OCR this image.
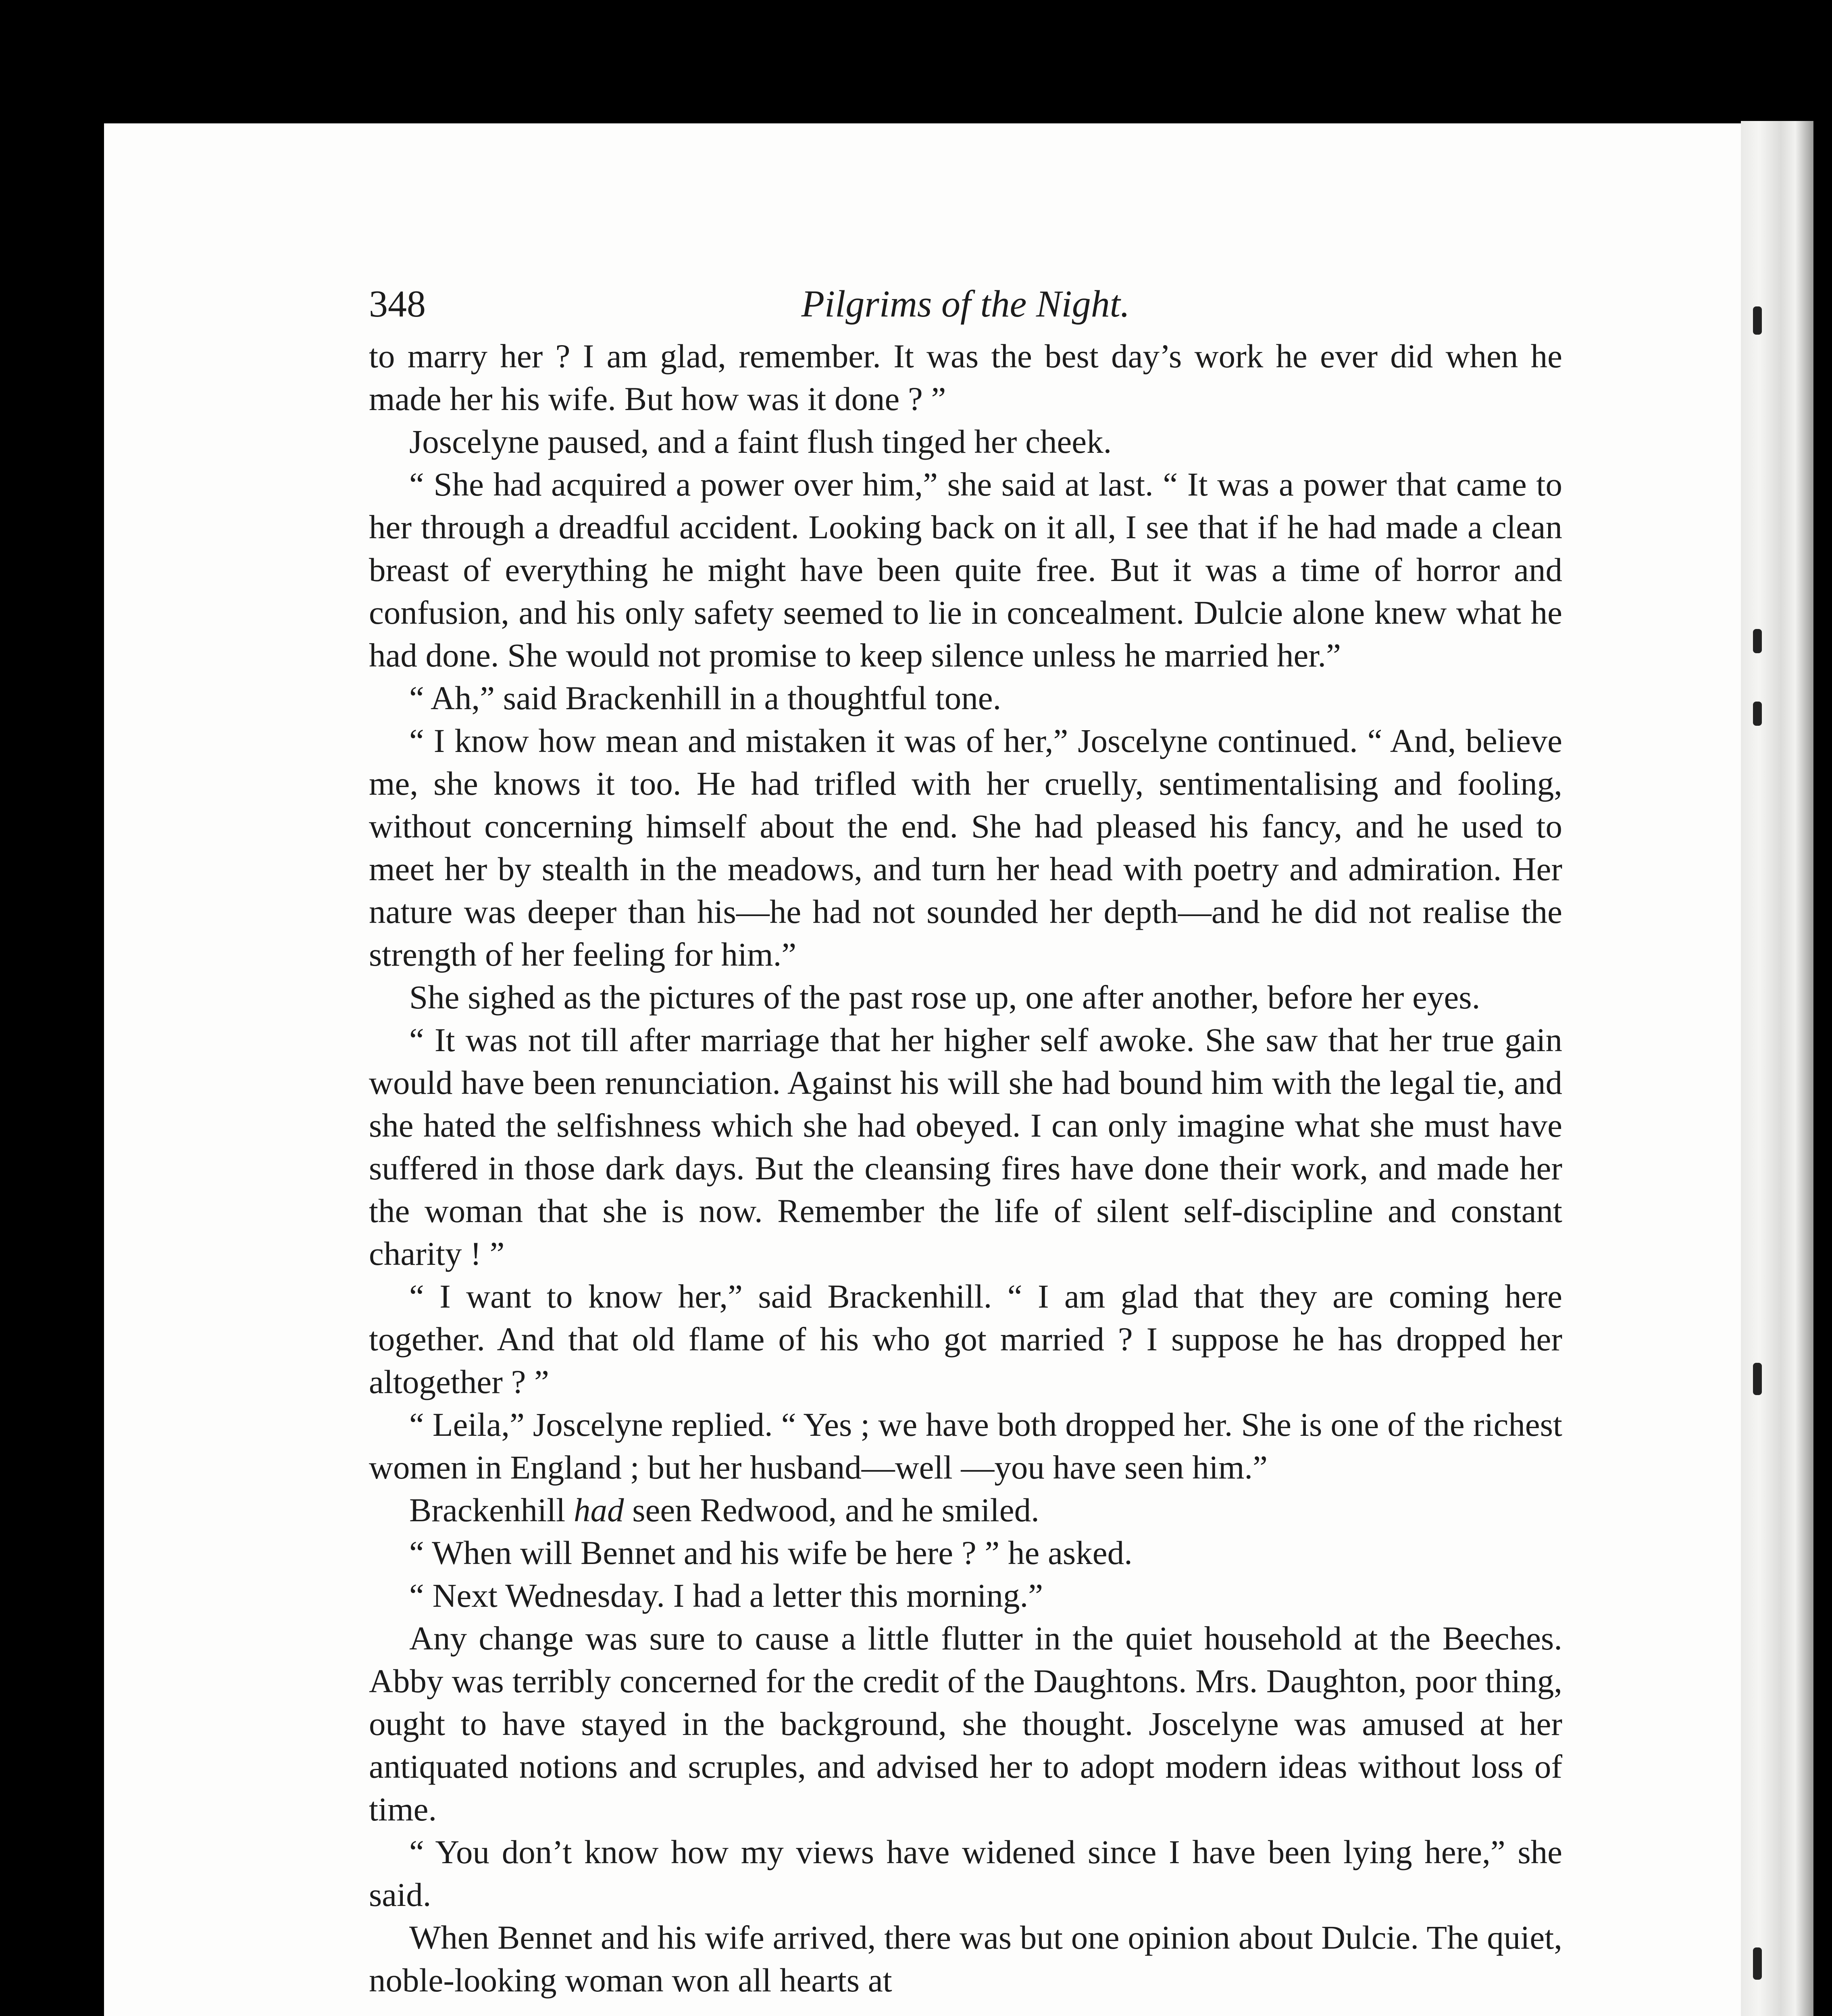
348	Pilgrims of the Night.

to marry her ? I am glad, remember. It was the best day’s work he ever did when he made her his wife. But how was it done ? ”

Joscelyne paused, and a faint flush tinged her cheek.

“ She had acquired a power over him,” she said at last. “ It was a power that came to her through a dreadful accident. Looking back on it all, I see that if he had made a clean breast of everything he might have been quite free. But it was a time of horror and confusion, and his only safety seemed to lie in concealment. Dulcie alone knew what he had done. She would not promise to keep silence unless he married her.”

“ Ah,” said Brackenhill in a thoughtful tone.

“ I know how mean and mistaken it was of her,” Joscelyne continued. “ And, believe me, she knows it too. He had trifled with her cruelly, sentimentalising and fooling, without concerning himself about the end. She had pleased his fancy, and he used to meet her by stealth in the meadows, and turn her head with poetry and admiration. Her nature was deeper than his—he had not sounded her depth—and he did not realise the strength of her feeling for him.”

She sighed as the pictures of the past rose up, one after another, before her eyes.

“ It was not till after marriage that her higher self awoke. She saw that her true gain would have been renunciation. Against his will she had bound him with the legal tie, and she hated the selfishness which she had obeyed. I can only imagine what she must have suffered in those dark days. But the cleansing fires have done their work, and made her the woman that she is now. Remember the life of silent self-discipline and constant charity ! ”

“ I want to know her,” said Brackenhill. “ I am glad that they are coming here together. And that old flame of his who got married ? I suppose he has dropped her altogether ? ”

“ Leila,” Joscelyne replied. “ Yes ; we have both dropped her. She is one of the richest women in England ; but her husband—well —you have seen him.”

Brackenhill had seen Redwood, and he smiled.

“ When will Bennet and his wife be here ? ” he asked.

“ Next Wednesday. I had a letter this morning.”

Any change was sure to cause a little flutter in the quiet household at the Beeches. Abby was terribly concerned for the credit of the Daughtons. Mrs. Daughton, poor thing, ought to have stayed in the background, she thought. Joscelyne was amused at her antiquated notions and scruples, and advised her to adopt modern ideas without loss of time.

“ You don’t know how my views have widened since I have been lying here,” she said.

When Bennet and his wife arrived, there was but one opinion about Dulcie. The quiet, noble-looking woman won all hearts at
